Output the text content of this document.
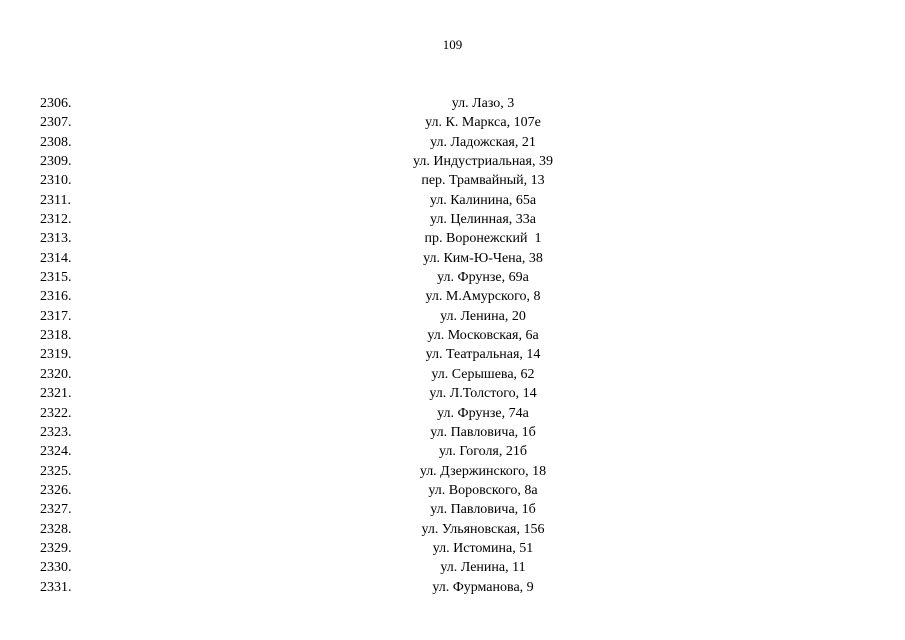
109
2306.	ул. Лазо, 3
2307.	ул. К. Маркса, 107е
2308.	ул. Ладожская, 21
2309.	ул. Индустриальная, 39
2310.	пер. Трамвайный, 13
2311.	ул. Калинина, 65а
2312.	ул. Целинная, 33а
2313.	пр. Воронежский  1
2314.	ул. Ким-Ю-Чена, 38
2315.	ул. Фрунзе, 69а
2316.	ул. М.Амурского, 8
2317.	ул. Ленина, 20
2318.	ул. Московская, 6а
2319.	ул. Театральная, 14
2320.	ул. Серышева, 62
2321.	ул. Л.Толстого, 14
2322.	ул. Фрунзе, 74а
2323.	ул. Павловича, 1б
2324.	ул. Гоголя, 21б
2325.	ул. Дзержинского, 18
2326.	ул. Воровского, 8а
2327.	ул. Павловича, 1б
2328.	ул. Ульяновская, 156
2329.	ул. Истомина, 51
2330.	ул. Ленина, 11
2331.	ул. Фурманова, 9
